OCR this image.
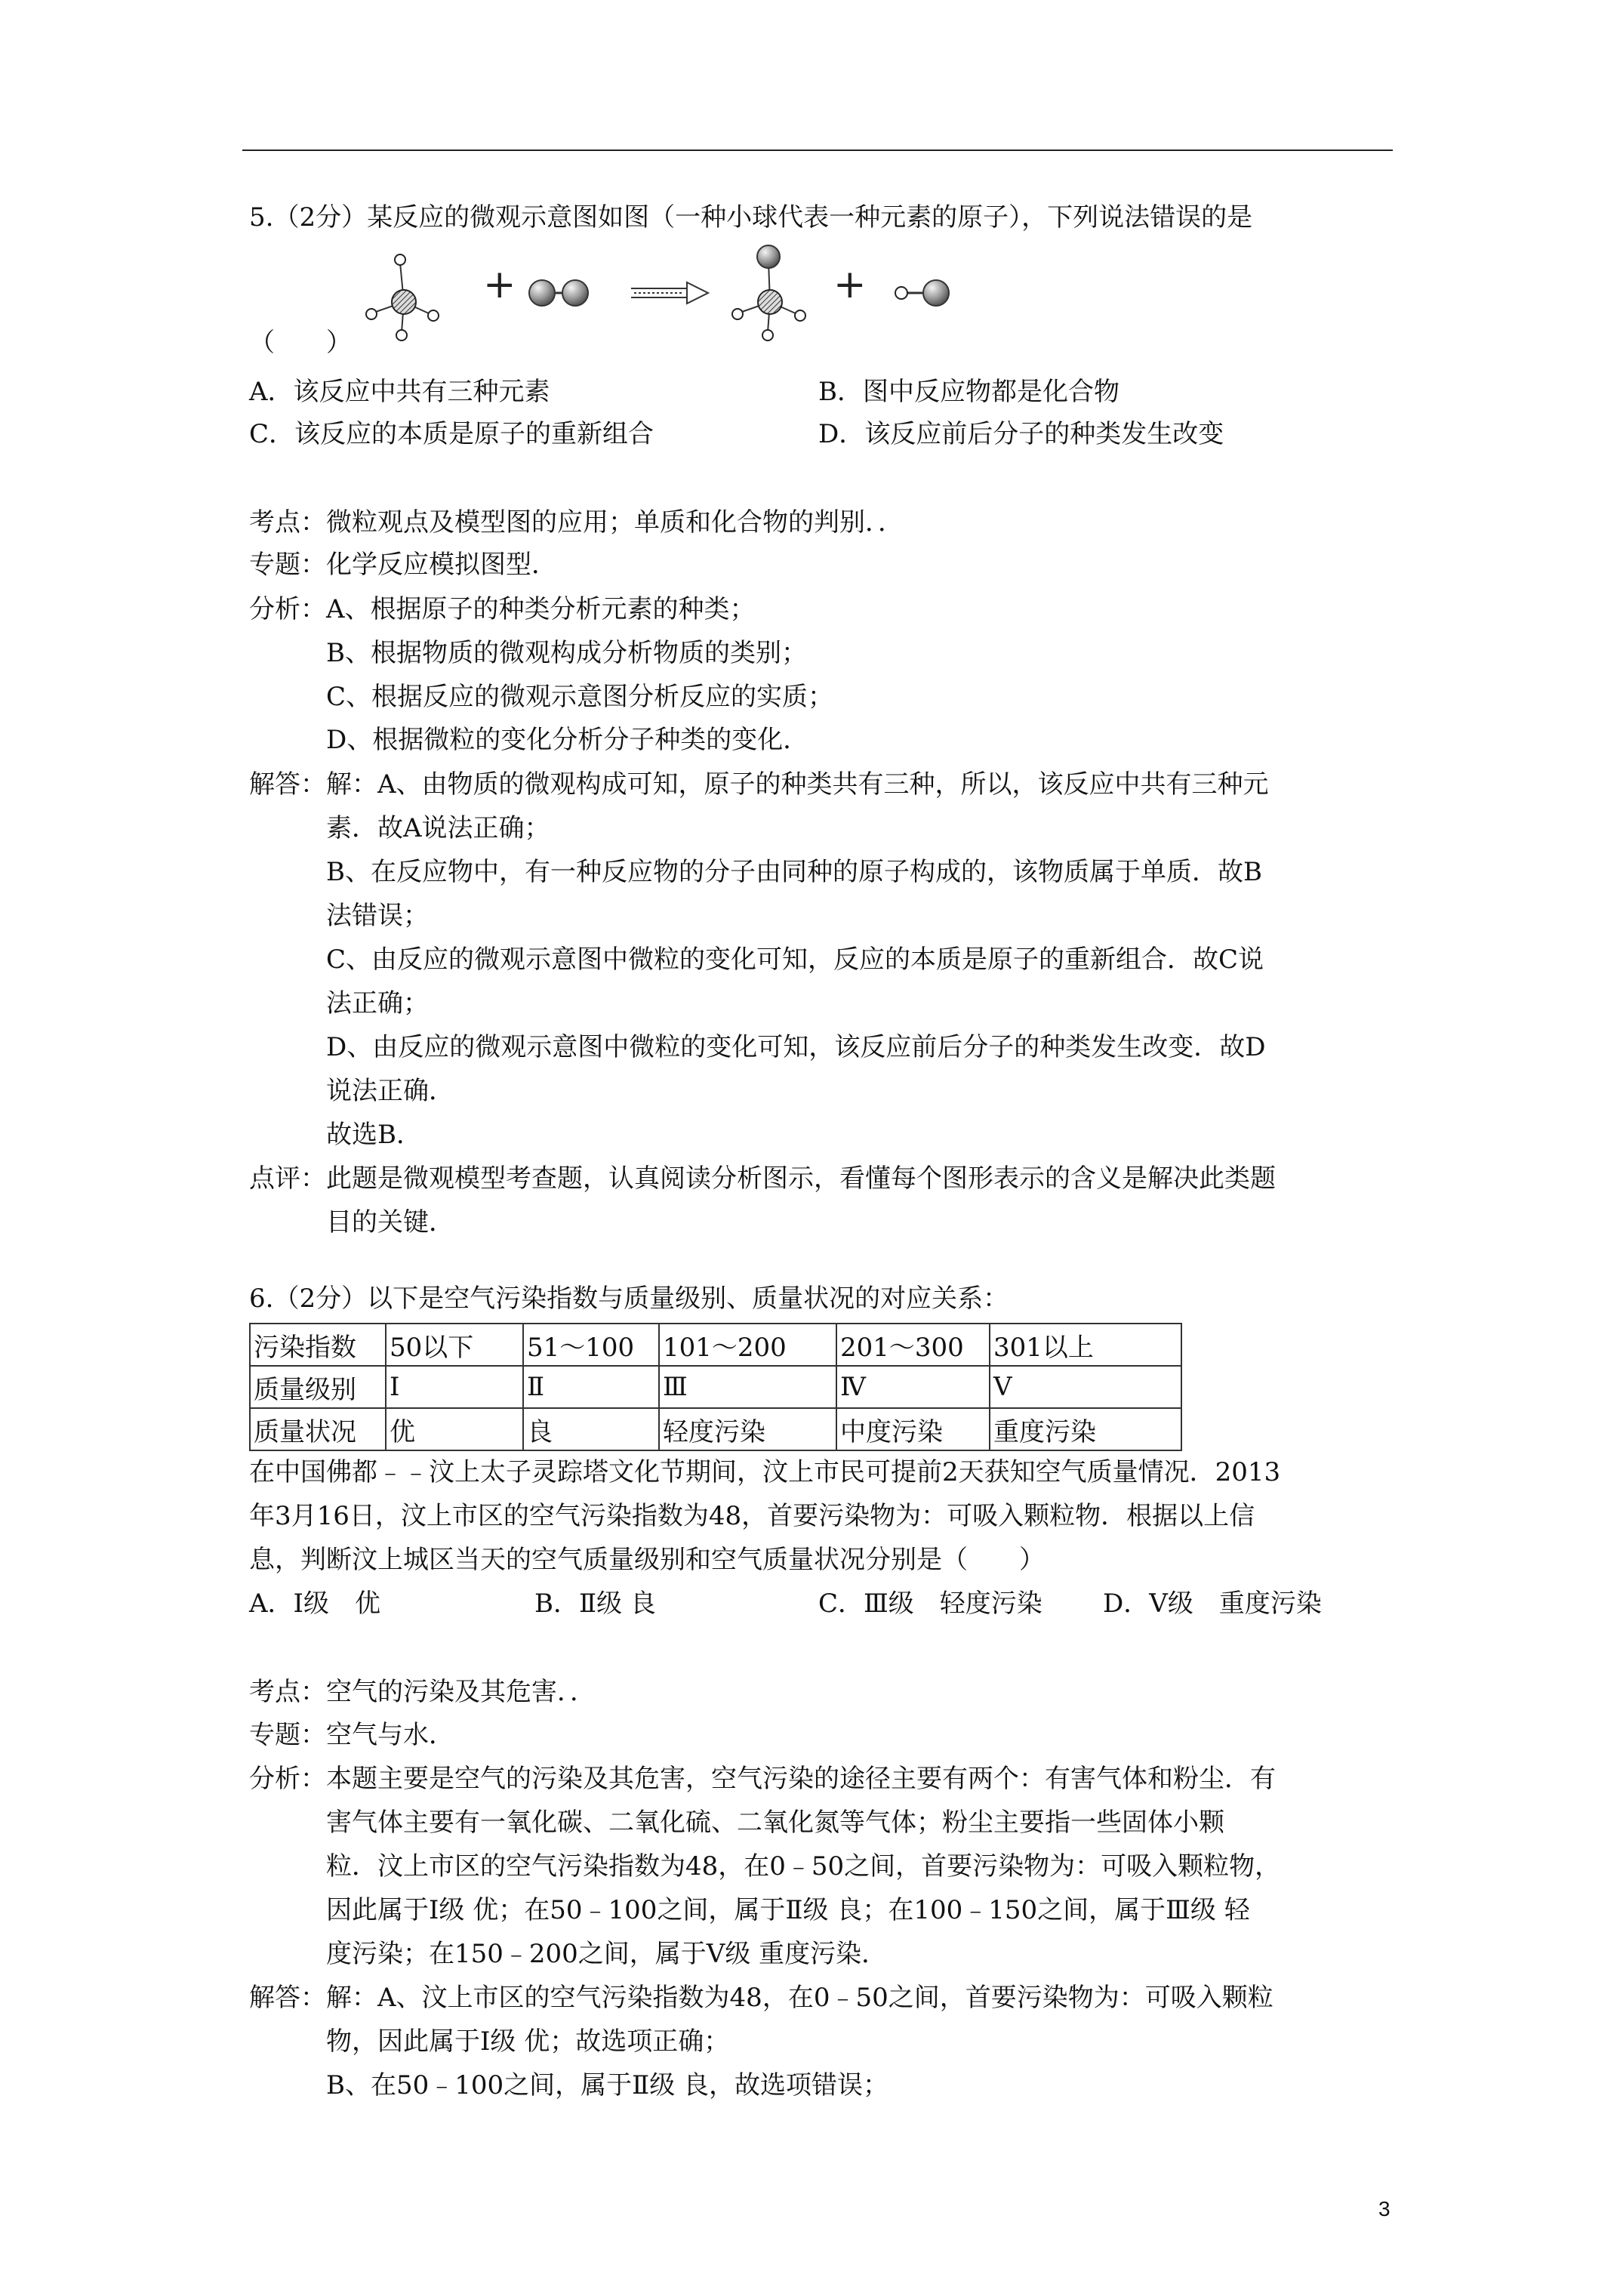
5.（2分）某反应的微观示意图如图（一种小球代表一种元素的原子），下列说法错误的是
+	+
（　　）
A．该反应中共有三种元素	B．图中反应物都是化合物
C．该反应的本质是原子的重新组合	D．该反应前后分子的种类发生改变
考点：微粒观点及模型图的应用；单质和化合物的判别．．
专题：化学反应模拟图型．
分析：A、根据原子的种类分析元素的种类；
B、根据物质的微观构成分析物质的类别；
C、根据反应的微观示意图分析反应的实质；
D、根据微粒的变化分析分子种类的变化．
解答：解：A、由物质的微观构成可知，原子的种类共有三种，所以，该反应中共有三种元
素．故A说法正确；
B、在反应物中，有一种反应物的分子由同种的原子构成的，该物质属于单质．故B
法错误；
C、由反应的微观示意图中微粒的变化可知，反应的本质是原子的重新组合．故C说
法正确；
D、由反应的微观示意图中微粒的变化可知，该反应前后分子的种类发生改变．故D
说法正确．
故选B．
点评：此题是微观模型考查题，认真阅读分析图示，看懂每个图形表示的含义是解决此类题
目的关键．
6.（2分）以下是空气污染指数与质量级别、质量状况的对应关系：
污染指数	50以下	51～100	101～200	201～300	301以上
质量级别	Ⅰ	Ⅱ	Ⅲ	Ⅳ	Ⅴ
质量状况	优	良	轻度污染	中度污染	重度污染
在中国佛都﹣﹣汶上太子灵踪塔文化节期间，汶上市民可提前2天获知空气质量情况．2013
年3月16日，汶上市区的空气污染指数为48，首要污染物为：可吸入颗粒物．根据以上信
息，判断汶上城区当天的空气质量级别和空气质量状况分别是（　　）
A．Ⅰ级　优	B．Ⅱ级 良	C．Ⅲ级　轻度污染 D．Ⅴ级　重度污染
考点：空气的污染及其危害．．
专题：空气与水．
分析：本题主要是空气的污染及其危害，空气污染的途径主要有两个：有害气体和粉尘．有
害气体主要有一氧化碳、二氧化硫、二氧化氮等气体；粉尘主要指一些固体小颗
粒．汶上市区的空气污染指数为48，在0﹣50之间，首要污染物为：可吸入颗粒物，
因此属于Ⅰ级 优；在50﹣100之间，属于Ⅱ级 良；在100﹣150之间，属于Ⅲ级 轻
度污染；在150﹣200之间，属于Ⅴ级 重度污染．
解答：解：A、汶上市区的空气污染指数为48，在0﹣50之间，首要污染物为：可吸入颗粒
物，因此属于Ⅰ级 优；故选项正确；
B、在50﹣100之间，属于Ⅱ级 良，故选项错误；
3
